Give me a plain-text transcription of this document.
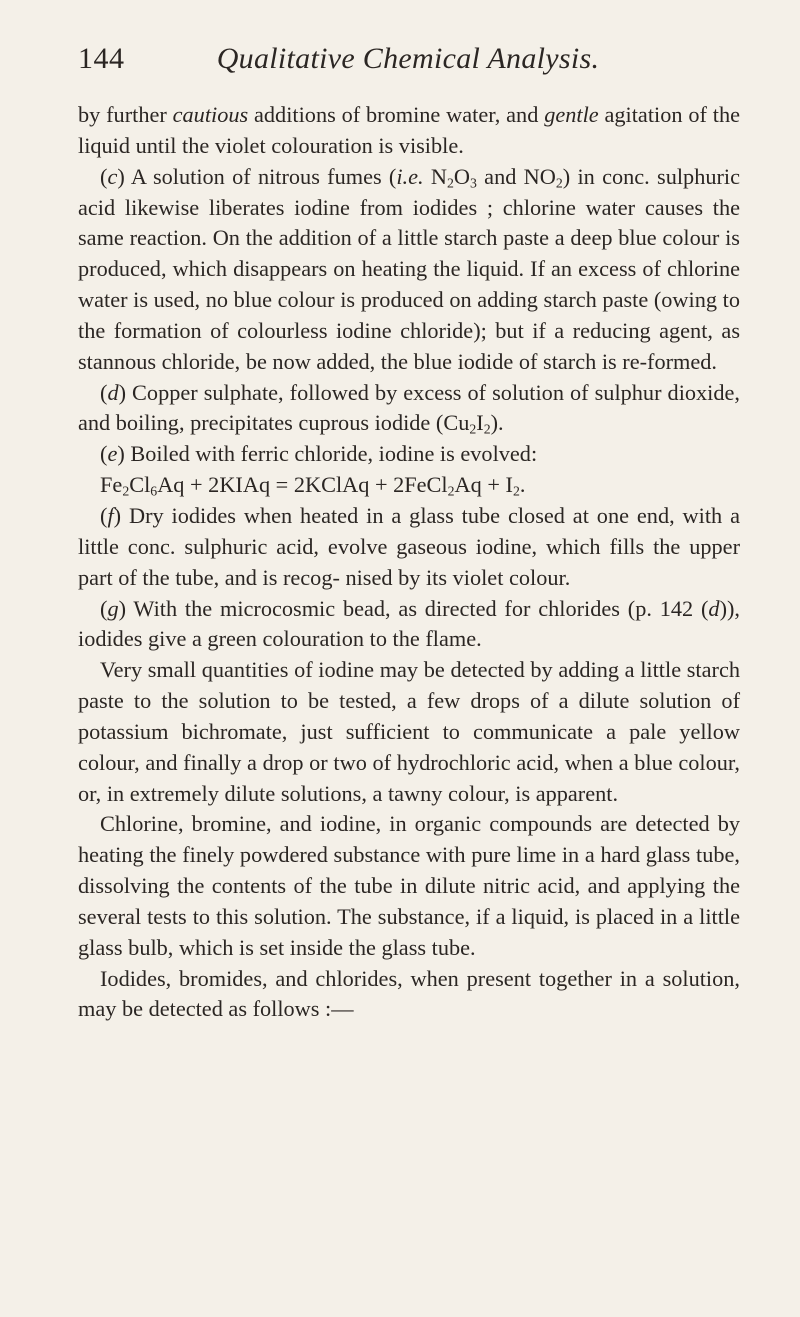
144	Qualitative Chemical Analysis.

by further cautious additions of bromine water, and gentle agitation of the liquid until the violet colouration is visible.

(c) A solution of nitrous fumes (i.e. $N_2O_3$ and $NO_2$) in conc. sulphuric acid likewise liberates iodine from iodides ; chlorine water causes the same reaction. On the addition of a little starch paste a deep blue colour is produced, which disappears on heating the liquid. If an excess of chlorine water is used, no blue colour is produced on adding starch paste (owing to the formation of colourless iodine chloride); but if a reducing agent, as stannous chloride, be now added, the blue iodide of starch is re-formed.

(d) Copper sulphate, followed by excess of solution of sulphur dioxide, and boiling, precipitates cuprous iodide $(Cu_2I_2)$.

(e) Boiled with ferric chloride, iodine is evolved:

$Fe_2Cl_6Aq$ + 2KIAq = 2KClAq + 2FeCl$_2$Aq + $I_2$.

(f) Dry iodides when heated in a glass tube closed at one end, with a little conc. sulphuric acid, evolve gaseous iodine, which fills the upper part of the tube, and is recog- nised by its violet colour.

(g) With the microcosmic bead, as directed for chlorides (p. 142 (d)), iodides give a green colouration to the flame.

Very small quantities of iodine may be detected by adding a little starch paste to the solution to be tested, a few drops of a dilute solution of potassium bichromate, just sufficient to communicate a pale yellow colour, and finally a drop or two of hydrochloric acid, when a blue colour, or, in extremely dilute solutions, a tawny colour, is apparent.

Chlorine, bromine, and iodine, in organic compounds are detected by heating the finely powdered substance with pure lime in a hard glass tube, dissolving the contents of the tube in dilute nitric acid, and applying the several tests to this solution. The substance, if a liquid, is placed in a little glass bulb, which is set inside the glass tube.

Iodides, bromides, and chlorides, when present together in a solution, may be detected as follows :—
